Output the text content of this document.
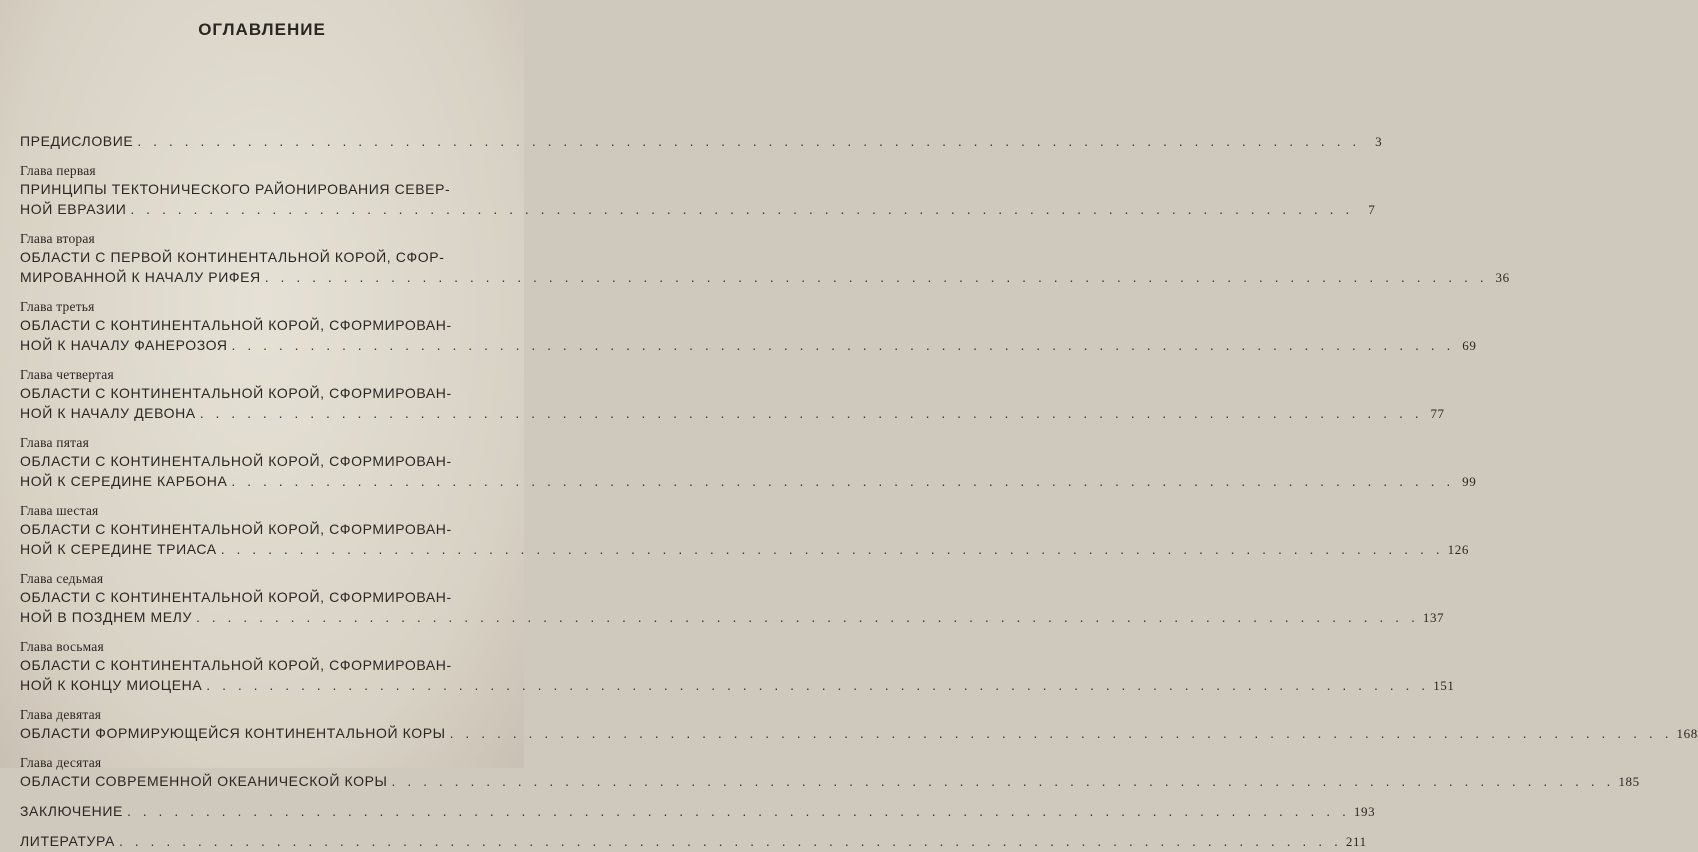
ОГЛАВЛЕНИЕ
ПРЕДИСЛОВИЕ . . .	3
Глава первая
ПРИНЦИПЫ ТЕКТОНИЧЕСКОГО РАЙОНИРОВАНИЯ СЕВЕР-
НОЙ ЕВРАЗИИ . . .	7
Глава вторая
ОБЛАСТИ С ПЕРВОЙ КОНТИНЕНТАЛЬНОЙ КОРОЙ, СФОР-
МИРОВАННОЙ К НАЧАЛУ РИФЕЯ . . .	36
Глава третья
ОБЛАСТИ С КОНТИНЕНТАЛЬНОЙ КОРОЙ, СФОРМИРОВАН-
НОЙ К НАЧАЛУ ФАНЕРОЗОЯ . . .	69
Глава четвертая
ОБЛАСТИ С КОНТИНЕНТАЛЬНОЙ КОРОЙ, СФОРМИРОВАН-
НОЙ К НАЧАЛУ ДЕВОНА . . .	77
Глава пятая
ОБЛАСТИ С КОНТИНЕНТАЛЬНОЙ КОРОЙ, СФОРМИРОВАН-
НОЙ К СЕРЕДИНЕ КАРБОНА . . .	99
Глава шестая
ОБЛАСТИ С КОНТИНЕНТАЛЬНОЙ КОРОЙ, СФОРМИРОВАН-
НОЙ К СЕРЕДИНЕ ТРИАСА . . .	126
Глава седьмая
ОБЛАСТИ С КОНТИНЕНТАЛЬНОЙ КОРОЙ, СФОРМИРОВАН-
НОЙ В ПОЗДНЕМ МЕЛУ . . .	137
Глава восьмая
ОБЛАСТИ С КОНТИНЕНТАЛЬНОЙ КОРОЙ, СФОРМИРОВАН-
НОЙ К КОНЦУ МИОЦЕНА . . .	151
Глава девятая
ОБЛАСТИ ФОРМИРУЮЩЕЙСЯ КОНТИНЕНТАЛЬНОЙ КОРЫ . . .	168
Глава десятая
ОБЛАСТИ СОВРЕМЕННОЙ ОКЕАНИЧЕСКОЙ КОРЫ . . .	185
ЗАКЛЮЧЕНИЕ . . .	193
ЛИТЕРАТУРА . . .	211
